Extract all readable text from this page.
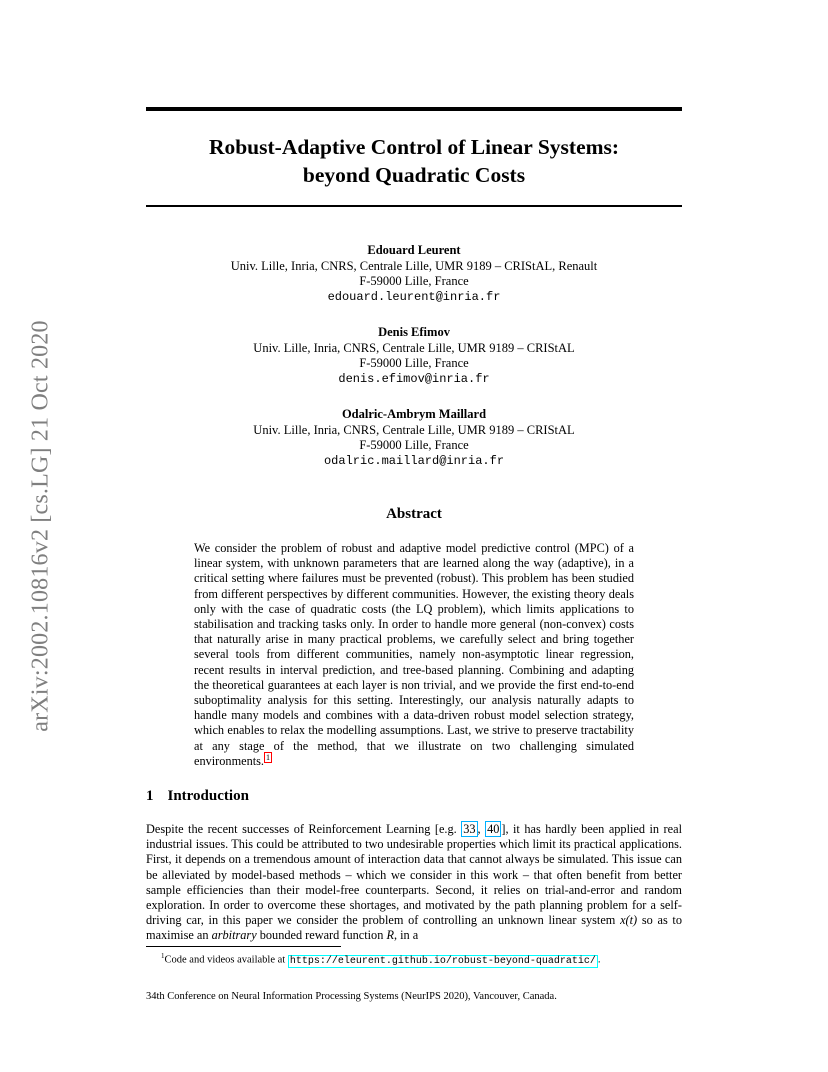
Robust-Adaptive Control of Linear Systems:
beyond Quadratic Costs
arXiv:2002.10816v2 [cs.LG] 21 Oct 2020
Edouard Leurent
Univ. Lille, Inria, CNRS, Centrale Lille, UMR 9189 – CRIStAL, Renault
F-59000 Lille, France
edouard.leurent@inria.fr
Denis Efimov
Univ. Lille, Inria, CNRS, Centrale Lille, UMR 9189 – CRIStAL
F-59000 Lille, France
denis.efimov@inria.fr
Odalric-Ambrym Maillard
Univ. Lille, Inria, CNRS, Centrale Lille, UMR 9189 – CRIStAL
F-59000 Lille, France
odalric.maillard@inria.fr
Abstract
We consider the problem of robust and adaptive model predictive control (MPC) of a linear system, with unknown parameters that are learned along the way (adaptive), in a critical setting where failures must be prevented (robust). This problem has been studied from different perspectives by different communities. However, the existing theory deals only with the case of quadratic costs (the LQ problem), which limits applications to stabilisation and tracking tasks only. In order to handle more general (non-convex) costs that naturally arise in many practical problems, we carefully select and bring together several tools from different communities, namely non-asymptotic linear regression, recent results in interval prediction, and tree-based planning. Combining and adapting the theoretical guarantees at each layer is non trivial, and we provide the first end-to-end suboptimality analysis for this setting. Interestingly, our analysis naturally adapts to handle many models and combines with a data-driven robust model selection strategy, which enables to relax the modelling assumptions. Last, we strive to preserve tractability at any stage of the method, that we illustrate on two challenging simulated environments. $^1$
1 Introduction
Despite the recent successes of Reinforcement Learning [e.g. 33 , 40 ], it has hardly been applied in real industrial issues. This could be attributed to two undesirable properties which limit its practical applications. First, it depends on a tremendous amount of interaction data that cannot always be simulated. This issue can be alleviated by model-based methods – which we consider in this work – that often benefit from better sample efficiencies than their model-free counterparts. Second, it relies on trial-and-error and random exploration. In order to overcome these shortages, and motivated by the path planning problem for a self-driving car, in this paper we consider the problem of controlling an unknown linear system x(t) so as to maximise an arbitrary bounded reward function R, in a
$^1$Code and videos available at https://eleurent.github.io/robust-beyond-quadratic/ .
34th Conference on Neural Information Processing Systems (NeurIPS 2020), Vancouver, Canada.
